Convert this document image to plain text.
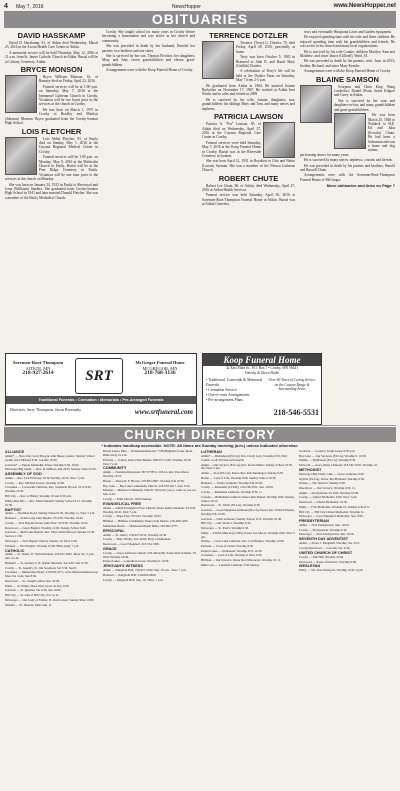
4 May 7, 2016	NewsHopper	www.NewsHopper.net
OBITUARIES
DAVID HASSKAMP

David D. Hasskamp, 81, of Aitkin died Wednesday, March 23, 2016 at the Aicota Health Care Center in Aitkin.

A memorial service will be held Thursday, May 12, 2016 at 11 a.m. from St. James Catholic Church in Aitkin. Burial will be at Calvary Cemetery, Aitkin.

BRYCE MONSON

Bryce William Monson, 61, of Ramsey died on Friday, April 22, 2016.

Funeral services will be at 1:00 p.m. on Saturday, May 7, 2016 at the Immanuel Lutheran Church in Crosby. Visitation will be two hours prior to the services at the church in Crosby.

He was born on March 1, 1975 in Crosby to Bradley and Marilyn (Johnson) Monson. Bryce graduated from the Crosby-Ironton High School.

LOIS FLETCHER

Lois Abbie Fletcher, 93, of Emily died on Sunday, May 1, 2016 at the Cuyuna Regional Medical Center in Crosby.

Funeral services will be 1:00 p.m. on Monday, May 9, 2016 at the Methodist Church in Emily. Burial will be at the Pine Ridge Cemetery in Emily. Visitation will be one hour prior to the services at the church on Monday.

She was born on January 24, 1923 in Emily to Sherwood and Lena (Williams) Sanders. She graduated from Crosby-Ironton High School in 1941 and later married Donald Fletcher. She was a member of the Emily Methodist Church.

Crosby. She taught school for many years in Crosby before becoming a homemaker and was active in her church and community.

She was preceded in death by her husband, Donald; her parents; two brothers and one sister.

She is survived by her son, Thomas Fletcher; her daughters, Mary and Ann; seven grandchildren and eleven great-grandchildren.

Arrangements were with the Koop Funeral Home of Crosby.

TERRENCE DOTZLER

Terrence (Terry) G. Dotzler, 70, died Friday, April 29, 2016, peacefully at home.

Terry was born October 5, 1945 in Brainerd to John B. and Hazel Mary (Griffith) Dotzler.

A celebration of Terry's life will be held at the Dotzler Farm on Saturday, May 7 from 2-5 p.m.

He graduated from Aitkin in 1964. He married Joanne Burlacher on November 17, 1967. He worked at Aitkin Iron Works and in sales and retired in 2008.

He is survived by his wife, Joanne; daughters; son; grandchildren; his siblings Mary and Tom, and many nieces and nephews.

PATRICIA LAWSON

Patricia A. "Pat" Lawson, 85, of Aitkin died on Wednesday, April 27, 2016 at the Cuyuna Regional Care Center in Crosby.

Funeral services were held Saturday, May 7, 2016 at the Koop Funeral Home in Crosby. Burial was in the Riverside Cemetery in Ironton.

She was born April 12, 1931 in Royalton to Otto and Nettie (Larson) Szeman. She was a member of the Nisswa Lutheran Church.

ROBERT CHUTE

Robert Lee Chute, 86, of Aitkin, died Wednesday, April 27, 2016 at Aitkin Health Services.

Funeral service was held Saturday, April 30, 2016 at Sorensen-Root-Thompson Funeral Home in Aitkin. Burial was at Aitkin Cemetery.

sews and eventually Huupsana Lawn and Garden equipment.

He enjoyed spending time with his wife and three children. He enjoyed spending time with his grandchildren and friends. He was active in his church and many local organizations.

He is survived by his wife Connie; children Marilyn, Sam and Matthew; and sister Janice (Gillotel), Ward, IA.

He was preceded in death by his parents; wife, Joan, in 2013; brother, Richard; and sister Mary Kessler.

Arrangements were with the Koop Funeral Home of Crosby.

BLAINE SAMSON

Scorpion and Chun King Wang Larsbolsrs, Daniel Olson, Justin Kilgore and Carey in Aitkin.

She is survived by her sons and daughters-in-law, and many grandchildren and great-grandchildren.

He was born March 25, 1928 in Waldeck to H.E. Ed and Julia (Kovala) Chute. He had been a fisherman and was a home and dog trainer, performing shows for many years.

He is survived by many nieces, nephews, cousins and friends.

He was preceded in death by his parents and brothers, Harold and Russell Chute.

Arrangements were with the Sorensen-Root-Thompson Funeral Home of McGregor.

More obituaries and links on Page 7
Sorensen-Root-Thompson
AITKIN, MN
218-927-2614	SRT
McGregor Funeral Home
MCGREGOR, MN
218-768-3136
Traditional Funerals • Cremation • Memorials • Pre-Arranged Funerals
Directors: Jerry Thompson, Jason Brezinsky	www.srtfuneral.com
Koop Funeral Home
42 East Main St., P.O. Box 7 • Crosby, MN 56441
Timothy & Dawn Hedin
• Traditional, Graveside & Memorial Funerals
• Cremation Service
• Out-of-town Arrangements
• Pre-arrangement Plans
Over 80 Years of Caring Service on the Cuyuna Range & Surrounding Areas
218-546-5531
CHURCH DIRECTORY
* Indicates handicap accessible. NOTE: All times are Sunday morning (a.m.) unless indicated otherwise.
ALLIANCE

Aitkin* — New Life; Larry Burg & John Baker, pastors. Sunday School (Adult and Children) 9:30, worship 10:30.

Garrison* — Purple Methodist; Praise Worship 9:30, 10:00.

McGregor/Big Sandy — Rev. D. DeBoer, 426-2435. Sunday School 9:30.

ASSEMBLY OF GOD

Aitkin — Rev. Jack Erickson; SS & Worship 10:45, Wed. 7 p.m.

Crosby — Rev. Michael Towne; Worship 10:00.

Crosslake — Crosswalk Christian; Rev. Stephanie Brown; SS at 9:30, Worship 10:30.

Hill City — Rev. G Bailey; Worship 10 and 6:30 p.m.

Emily-Pine Bay — Rev. Mark Wendell; Sunday School 9:15, Worship 10:30.

BAPTIST

Aitkin — Nordman Road; Sunday School 9:45, Worship 11, Wed. 7 p.m.

Brainerd — South Long Lake Baptist; SS 9:30, Worship 10:45.

Crosby — First Baptist; Pastor John Thor; SS 9:30, Worship 10:45.

Deerwood — Grace Baptist; Worship 11:00, Sunday School 9:45.

Garrison — Ruth Lake Baptist; Rev. Matt Christofferson; Sunday 10:30, Service 11:30.

McGregor — First Baptist Church; Sunday 10, Wed. 6:30.

Palisade — First Baptist; Worship 10:00, Bible study 7 p.m.

CATHOLIC

Aitkin — St. James; Fr. Sam Perleman, 218-927-6461. Mass Sat. 5 p.m., Sun. 9 a.m.

Brainerd — St. Andrew's; Fr. Daniel Sherman. Sat 4:30, Sun 10:30.

Crosby — St. Joseph's; Fr. Jim Sorenson; Sat 5:30, Sun 8.

Crosslake — Immaculate Heart; 218-692-3571, www.immaculateheart.org. Mass Sat 4 pm, Sun 8:30.

Deerwood — St. Joseph's; Mass Sun. 10:00.

Emily — St. Emily; Mass Wed. 6 p.m. & Sun. 9:30.

Garrison — St. Ignatius; Sat 4:30, Sun 10:00.

Hill City — St. Ann of Hill City; Sat 5 p.m.

McGregor — Our Lady of Fatima; Fr. Paul Larsen; Sunday Mass 10:00.

Onamia — St. Therese; Mass Sun. 11.

Baxter Lakes, Pine — Nondenominational; 7336 Highland Scenic Road. Bible study 10 a.m.

Palisade — Trinity; Pastor Don Bender; 608-475-1526. Worship 10:30, Wed. 7 p.m.

COMMUNITY

Aitkin — Nondenominational; 807 07TH #; 218-14. Rev. Dan Olson. Worship 10:15.

Baxter — Pastor R. F. Brown; 218-895-5867. Worship 9 & 10:30.

Bay Lake — Bay Lake Community Church; 218-678-2617, Sun. 9:30.

Mission — Mission Community Church; We invite you to come as you are. Sun. 9:30.

Crosby — Faith Church; 10:00 Sunday.

EVANGELICAL FREE

Aitkin — Aitkin Evangelical Free Church; Pastor Keith Ouellette, SS 9:30, Worship 10:45, Wed 7 p.m.

Crosby — Hope Free; SS 9:45, Worship 10:45.

Hillman — Hillman Community; Pastor Tom Morris. 218-486-5200.

Manhattan Beach — Manhattan Beach Bible; 218-692-3777.

EPISCOPAL

Aitkin — St. John's; 218-927-6312. Worship 10:30.

Crosby — Holy Trinity; Sun 10:00, Holy Communion.

Deerwood — Good Shepherd; 218-534-3390.

GRACE

Crosby — Grace Lutheran Church; 218-546-4400, Pastor Dan Schuller. SS 9:00, Worship 10:30.

Pequot Lakes — Lakeshore Grace; Worship 9, 10:30.

JEHOVAH'S WITNESS

Aitkin — Kingdom Hall; 218-927-2330. Sun. 10 a.m., Tues. 7 p.m.

Brainerd — Kingdom Hall; 218-829-8400.

Crosby — Kingdom Hall; Sun. 10, Thurs. 7 p.m.

LUTHERAN

Aitkin* — Bethlehem (ELCA); Rev. Cindy Gray, Worship 8:30, Holy Comm. 1st & 3rd Sun each month.

Aitkin — Our Savior's (ELCA); Rev. Kevin Miller; Sunday School 10:30 am, Wed. 6 pm.

Aitkin — Zion (ELCA); Pastor Rev. Rob Kenninger; Sunday 9:30.

Baxter — Lord of Life; Worship 9:00, Sunday School 10:30.

Brainerd — Trinity Lutheran; Worship 8 & 10:30.

Crosby — Immanuel (LCMS); 218-546-5551, Sun. 10:00.

Crosby — Immanuel Lutheran; Worship 8:30, 11.

Cuyuna — Bethlehem Lutheran; Pastor Rob Shabel; Worship 9:00, Sunday School 10:15.

Deerwood — St. John's (ELCA); Worship 9:30.

Garrison — Good Shepherd Lutheran (ELCA); Pastor Rev. Ethan Eichleen; Worship 9 & 10:30.

Garrison — Faith Lutheran; Sunday School 9:15, Worship 10:30.

Hill City — Our Savior's; Worship 9:30.

McGregor — St. Paul's; Worship 9:30.

Emily — Faith Lutheran (LCMS); Pastor Jon Moore; Worship 9:00, Wed. 6 pm.

Outing — Cross Lake Lutheran; Rev. Carl Holmes; Worship 10:00.

Palisade — Cross of Christ; Worship 8:30.

Pequot Lakes — Immanuel; Worship 8:15, 10:30.

Crosslake — Lord of Life; Worship 9, Wed. 6:30.

Hillman — Our Savior's; Pastor Rob Marquette; Worship 10, 11.

Mille Lacs — Lakeside Lutheran; 9:30 Sunday.

Jacobson — Cornery; Youth Group 6:30 p.m.

Bay Lake — Our Saviours (ELCA); Worship 9, 10:30.

Malmo — Emmanuel (ELCA); Worship 8:30.

McGrath — Grace (Wel) Lutheran; 218-592-3535. Worship 10.

METHODIST

McGregor/Big Sandy Lake — Grace Lutheran; 8:30.

Ogilvie (ELCA); Pastor Jim Pittmann; Worship 9:30.

Outing — Our Savior's; Sunday 9:30.

Pine River — Our Savior's; Worship 9:30, 11.

Aitkin — Presbyterian; SS 9:00, Worship 10:00.

Crosby — United Methodist; 9:00, Wed. 5 pm.

Deerwood — United Methodist; 10:30.

Emily — First Methodist; Worship 10, Sunday School 9.

Hill City — Hill City United Methodist; Worship 11.

McGregor — Good Shepherd Methodist; Sun. 9:00.

PRESBYTERIAN

Aitkin — First Presbyterian; Sun. 10:00.

Crosby — Presbyterian; Worship 9:30.

McGregor — First Presbyterian; Sun. 10:30.

SEVENTH DAY ADVENTIST

Aitkin — Pastor J. Bangham; Worship, Sat. 9:15.

Crosby/Deerwood — Cascade; Sat. 9:30.

UNITED CHURCH OF CHRIST

Crosby — Oak Hill; Worship 10:00.

Deerwood — Pastor Jim Kleve; Worship 9:00.

WESLEYAN

Emily — Mt. Zion Wesleyan; Worship 10:45, 6 pm.
